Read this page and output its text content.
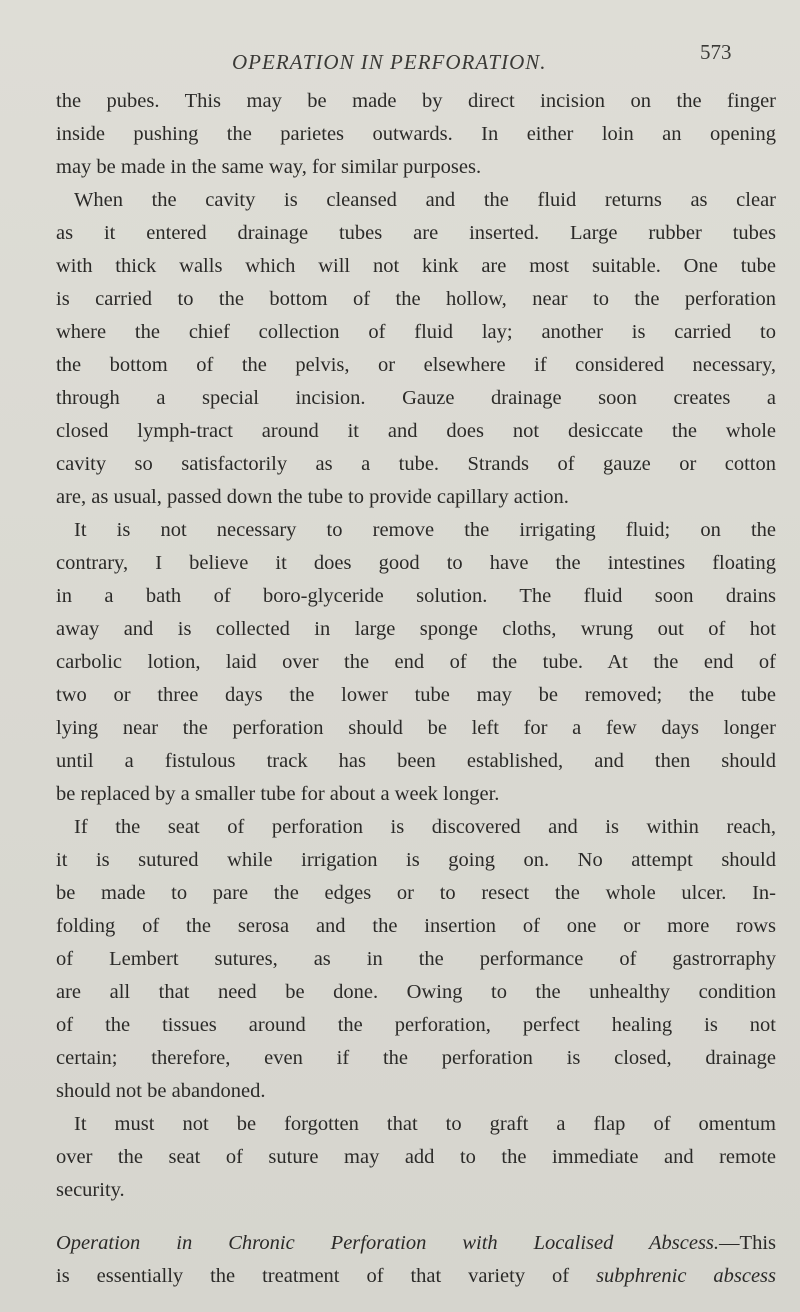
OPERATION IN PERFORATION.	573
the pubes. This may be made by direct incision on the finger
inside pushing the parietes outwards. In either loin an opening
may be made in the same way, for similar purposes.
When the cavity is cleansed and the fluid returns as clear
as it entered drainage tubes are inserted. Large rubber tubes
with thick walls which will not kink are most suitable. One tube
is carried to the bottom of the hollow, near to the perforation
where the chief collection of fluid lay; another is carried to
the bottom of the pelvis, or elsewhere if considered necessary,
through a special incision. Gauze drainage soon creates a
closed lymph-tract around it and does not desiccate the whole
cavity so satisfactorily as a tube. Strands of gauze or cotton
are, as usual, passed down the tube to provide capillary action.
It is not necessary to remove the irrigating fluid; on the
contrary, I believe it does good to have the intestines floating
in a bath of boro-glyceride solution. The fluid soon drains
away and is collected in large sponge cloths, wrung out of hot
carbolic lotion, laid over the end of the tube. At the end of
two or three days the lower tube may be removed; the tube
lying near the perforation should be left for a few days longer
until a fistulous track has been established, and then should
be replaced by a smaller tube for about a week longer.
If the seat of perforation is discovered and is within reach,
it is sutured while irrigation is going on. No attempt should
be made to pare the edges or to resect the whole ulcer. In-
folding of the serosa and the insertion of one or more rows
of Lembert sutures, as in the performance of gastrorraphy
are all that need be done. Owing to the unhealthy condition
of the tissues around the perforation, perfect healing is not
certain; therefore, even if the perforation is closed, drainage
should not be abandoned.
It must not be forgotten that to graft a flap of omentum
over the seat of suture may add to the immediate and remote
security.
Operation in Chronic Perforation with Localised Abscess.—This
is essentially the treatment of that variety of subphrenic abscess
